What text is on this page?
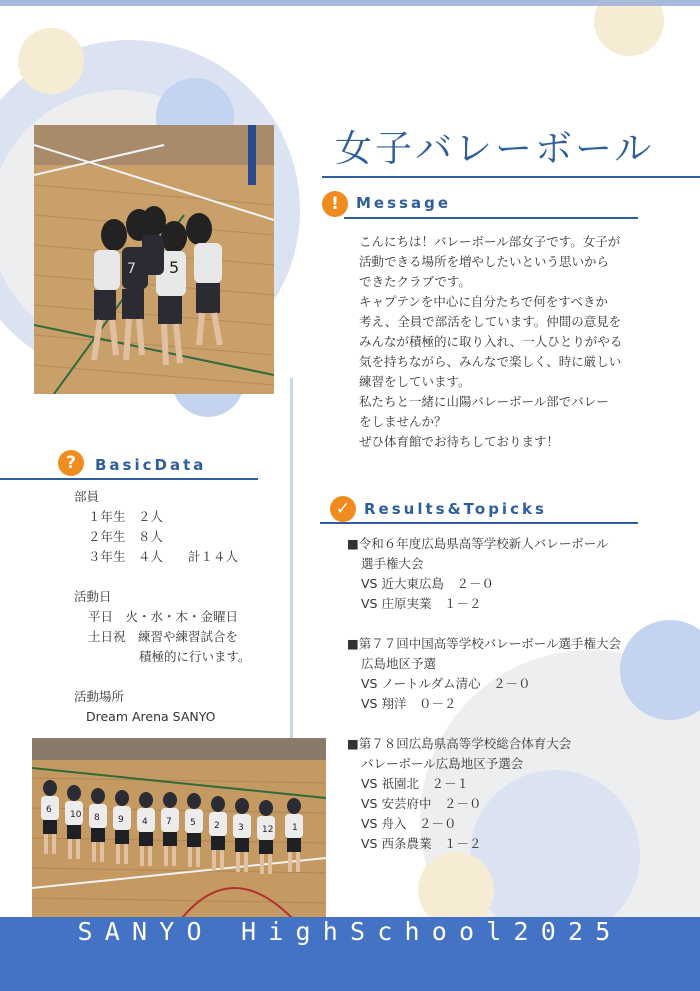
5
7
女子バレーボール
!	Message
こんにちは！バレーボール部女子です。女子が
活動できる場所を増やしたいという思いから
できたクラブです。
キャプテンを中心に自分たちで何をすべきか
考え、全員で部活をしています。仲間の意見を
みんなが積極的に取り入れ、一人ひとりがやる
気を持ちながら、みんなで楽しく、時に厳しい
練習をしています。
私たちと一緒に山陽バレーボール部でバレー
をしませんか？
ぜひ体育館でお待ちしております！
?	BasicData
部員
１年生　２人
２年生　８人
３年生　４人　　計１４人
活動日
平日　火・水・木・金曜日
土日祝　練習や練習試合を
積極的に行います。
活動場所
Dream Arena SANYO
✓ Results&Topicks
■令和６年度広島県高等学校新人バレーボール
選手権大会
VS 近大東広島　２－０
VS 庄原実業　１－２
■第７７回中国高等学校バレーボール選手権大会
広島地区予選
VS ノートルダム清心　２－０
VS 翔洋　０－２
■第７８回広島県高等学校総合体育大会
バレーボール広島地区予選会
VS 祇園北　２－１
VS 安芸府中　２－０
VS 舟入　２－０
VS 西条農業　１－２
6 10 8 9 4 7 5 2 3 12 1
SANYO HighSchool2025
